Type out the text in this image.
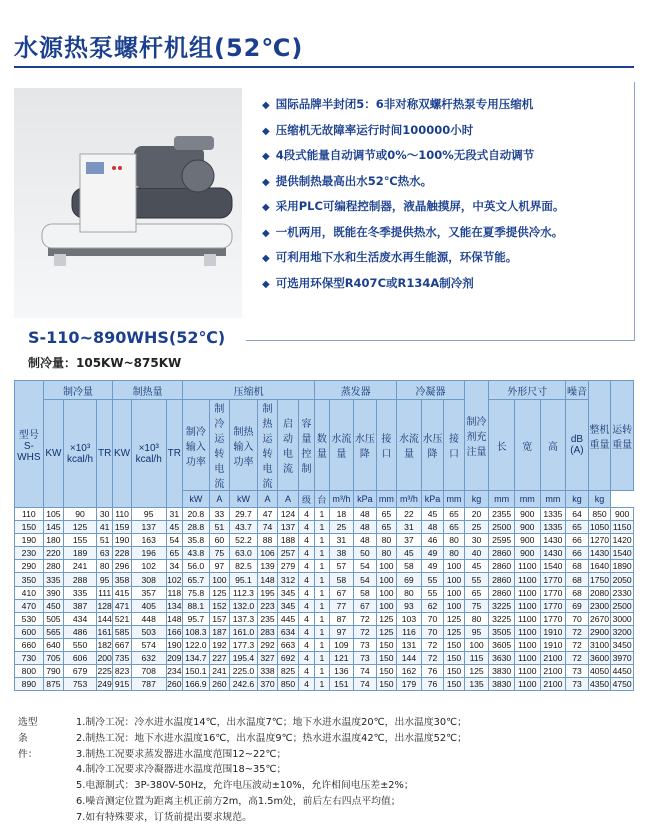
水源热泵螺杆机组(52℃)
◆ 国际品牌半封闭5：6非对称双螺杆热泵专用压缩机
◆ 压缩机无故障率运行时间100000小时
◆ 4段式能量自动调节或0%～100%无段式自动调节
◆ 提供制热最高出水52℃热水。
◆ 采用PLC可编程控制器，液晶触摸屏，中英文人机界面。
◆ 一机两用，既能在冬季提供热水，又能在夏季提供冷水。
◆ 可利用地下水和生活废水再生能源，环保节能。
◆ 可选用环保型R407C或R134A制冷剂
S-110~890WHS(52℃)
制冷量：105KW~875KW
型号 S-WHS	制冷量			制热量			压缩机						蒸发器				冷凝器			制冷剂充注量	外形尺寸			噪音	整机重量	运转重量
	KW	×10³ kcal/h	TR	KW	×10³ kcal/h	TR	制冷输入功率	制冷运转电流	制热输入功率	制热运转电流	启动电流	容量控制	数量	水流量	水压降	接口	水流量	水压降	接口		长	宽	高	dB (A)		
							kW	A	kW	A	A	级	台	m³/h	kPa	mm	m³/h	kPa	mm	kg	mm	mm	mm	kg	kg	
110	105	90	30	110	95	31	20.8	33	29.7	47	124	4	1	18	48	65	22	45	65	20	2355	900	1335	64	850	900
150	145	125	41	159	137	45	28.8	51	43.7	74	137	4	1	25	48	65	31	48	65	25	2500	900	1335	65	1050	1150
190	180	155	51	190	163	54	35.8	60	52.2	88	188	4	1	31	48	80	37	46	80	30	2595	900	1430	66	1270	1420
230	220	189	63	228	196	65	43.8	75	63.0	106	257	4	1	38	50	80	45	49	80	40	2860	900	1430	66	1430	1540
290	280	241	80	296	102	34	56.0	97	82.5	139	279	4	1	57	54	100	58	49	100	45	2860	1100	1540	68	1640	1890
350	335	288	95	358	308	102	65.7	100	95.1	148	312	4	1	58	54	100	69	55	100	55	2860	1100	1770	68	1750	2050
410	390	335	111	415	357	118	75.8	125	112.3	195	345	4	1	67	58	100	80	55	100	65	2860	1100	1770	68	2080	2330
470	450	387	128	471	405	134	88.1	152	132.0	223	345	4	1	77	67	100	93	62	100	75	3225	1100	1770	69	2300	2500
530	505	434	144	521	448	148	95.7	157	137.3	235	445	4	1	87	72	125	103	70	125	80	3225	1100	1770	70	2670	3000
600	565	486	161	585	503	166	108.3	187	161.0	283	634	4	1	97	72	125	116	70	125	95	3505	1100	1910	72	2900	3200
660	640	550	182	667	574	190	122.0	192	177.3	292	663	4	1	109	73	150	131	72	150	100	3605	1100	1910	72	3100	3450
730	705	606	200	735	632	209	134.7	227	195.4	327	692	4	1	121	73	150	144	72	150	115	3630	1100	2100	72	3600	3970
800	790	679	225	823	708	234	150.1	241	225.0	338	825	4	1	136	74	150	162	76	150	125	3830	1100	2100	73	4050	4450
890	875	753	249	915	787	260	166.9	260	242.6	370	850	4	1	151	74	150	179	76	150	135	3830	1100	2100	73	4350	4750
选型条件：
1.制冷工况：冷水进水温度14℃，出水温度7℃；地下水进水温度20℃，出水温度30℃；
2.制热工况：地下水进水温度16℃，出水温度9℃；热水进水温度42℃，出水温度52℃；
3.制热工况要求蒸发器进水温度范围12~22℃；
4.制冷工况要求冷凝器进水温度范围18~35℃；
5.电源制式：3P-380V-50Hz，允许电压波动±10%，允许相间电压差±2%；
6.噪音测定位置为距离主机正前方2m，高1.5m处，前后左右四点平均值；
7.如有特殊要求，订货前提出要求规范。
